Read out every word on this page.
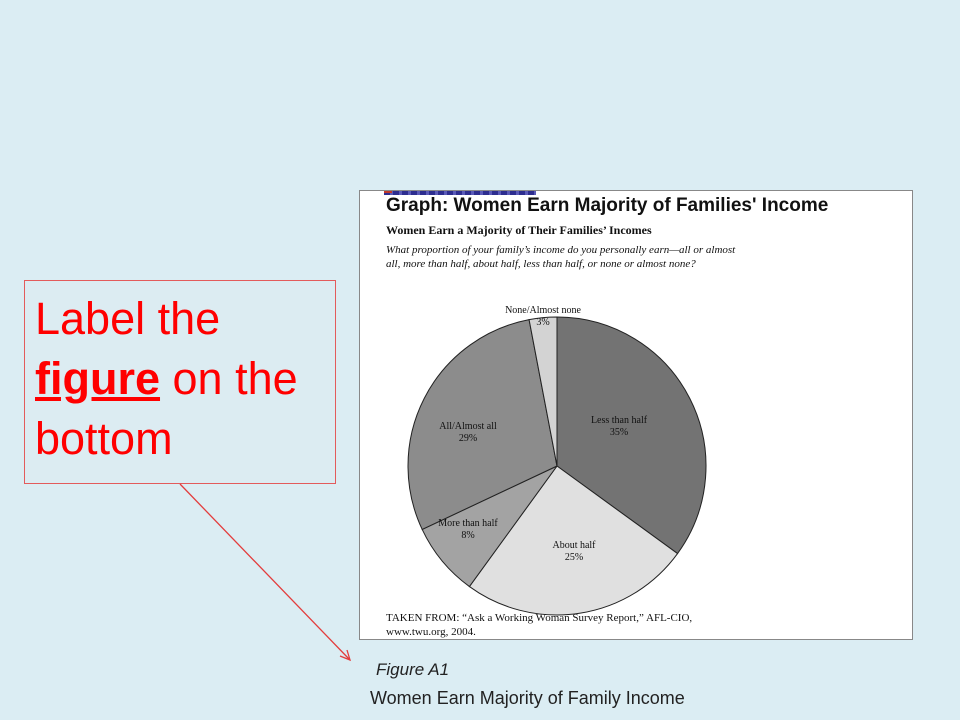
Label the
figure on the
bottom
Graph: Women Earn Majority of Families' Income
Women Earn a Majority of Their Families’ Incomes
What proportion of your family’s income do you personally earn—all or almost all, more than half, about half, less than half, or none or almost none?
Less than half
35%
About half
25%
More than half
8%
All/Almost all
29%
None/Almost none
3%
TAKEN FROM: “Ask a Working Woman Survey Report,” AFL-CIO, www.twu.org, 2004.
Figure A1
Women Earn Majority of Family Income
